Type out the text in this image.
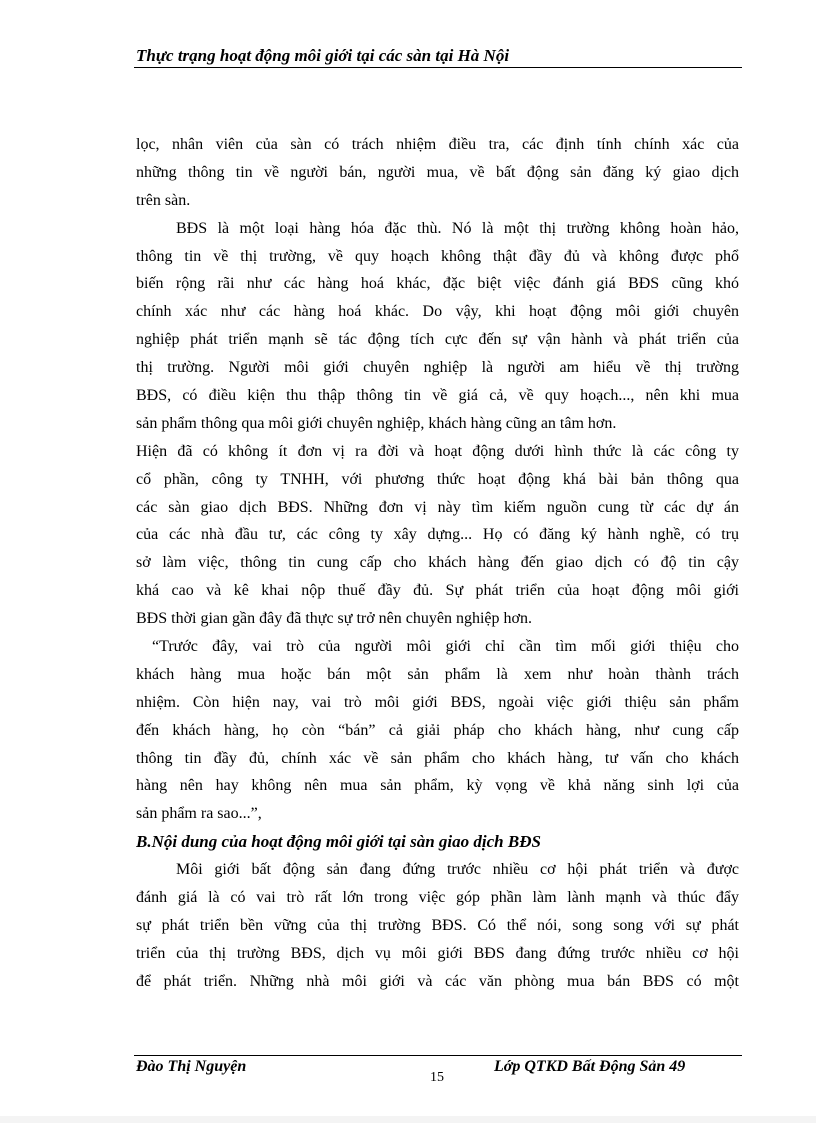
Thực trạng hoạt động môi giới tại các sàn tại Hà Nội
lọc, nhân viên của sàn có trách nhiệm điều tra, các định tính chính xác của
những thông tin về người bán, người mua, về bất động sản đăng ký giao dịch
trên sàn.
BĐS là một loại hàng hóa đặc thù. Nó là một thị trường không hoàn hảo,
thông tin về thị trường, về quy hoạch không thật đầy đủ và không được phổ
biến rộng rãi như các hàng hoá khác, đặc biệt việc đánh giá BĐS cũng khó
chính xác như các hàng hoá khác. Do vậy, khi hoạt động môi giới chuyên
nghiệp phát triển mạnh sẽ tác động tích cực đến sự vận hành và phát triển của
thị trường. Người môi giới chuyên nghiệp là người am hiểu về thị trường
BĐS, có điều kiện thu thập thông tin về giá cả, về quy hoạch..., nên khi mua
sản phẩm thông qua môi giới chuyên nghiệp, khách hàng cũng an tâm hơn.
Hiện đã có không ít đơn vị ra đời và hoạt động dưới hình thức là các công ty
cổ phần, công ty TNHH, với phương thức hoạt động khá bài bản thông qua
các sàn giao dịch BĐS. Những đơn vị này tìm kiếm nguồn cung từ các dự án
của các nhà đầu tư, các công ty xây dựng... Họ có đăng ký hành nghề, có trụ
sở làm việc, thông tin cung cấp cho khách hàng đến giao dịch có độ tin cậy
khá cao và kê khai nộp thuế đầy đủ. Sự phát triển của hoạt động môi giới
BĐS thời gian gần đây đã thực sự trở nên chuyên nghiệp hơn.
“Trước đây, vai trò của người môi giới chỉ cần tìm mối giới thiệu cho
khách hàng mua hoặc bán một sản phẩm là xem như hoàn thành trách
nhiệm. Còn hiện nay, vai trò môi giới BĐS, ngoài việc giới thiệu sản phẩm
đến khách hàng, họ còn “bán” cả giải pháp cho khách hàng, như cung cấp
thông tin đầy đủ, chính xác về sản phẩm cho khách hàng, tư vấn cho khách
hàng nên hay không nên mua sản phẩm, kỳ vọng về khả năng sinh lợi của
sản phẩm ra sao...”,
B.Nội dung của hoạt động môi giới tại sàn giao dịch BĐS
Môi giới bất động sản đang đứng trước nhiều cơ hội phát triển và được
đánh giá là có vai trò rất lớn trong việc góp phần làm lành mạnh và thúc đẩy
sự phát triển bền vững của thị trường BĐS. Có thể nói, song song với sự phát
triển của thị trường BĐS, dịch vụ môi giới BĐS đang đứng trước nhiều cơ hội
để phát triển. Những nhà môi giới và các văn phòng mua bán BĐS có một
Đào Thị Nguyện
15
Lớp QTKD Bất Động Sản 49
